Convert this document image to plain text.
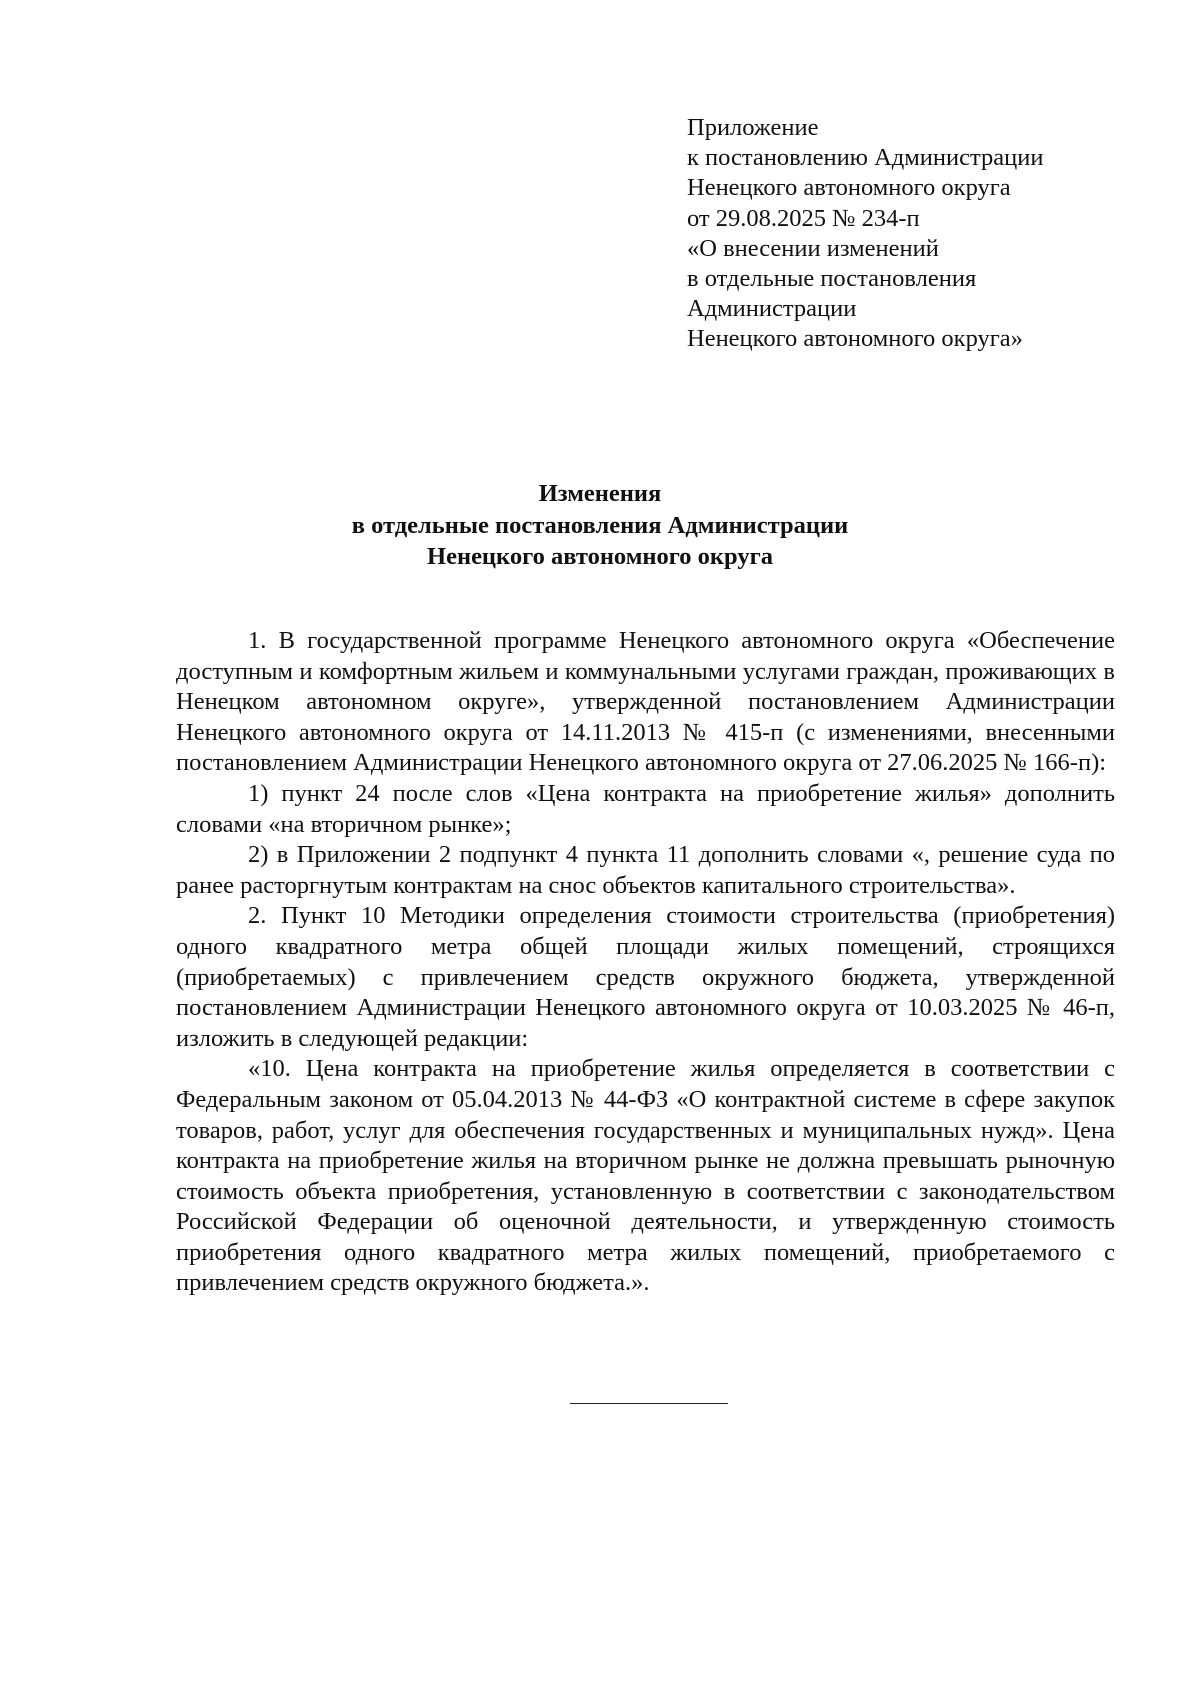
Приложение
к постановлению Администрации
Ненецкого автономного округа
от 29.08.2025 № 234-п
«О внесении изменений
в отдельные постановления
Администрации
Ненецкого автономного округа»
Изменения
в отдельные постановления Администрации
Ненецкого автономного округа

1. В государственной программе Ненецкого автономного округа «Обеспечение доступным и комфортным жильем и коммунальными услугами граждан, проживающих в Ненецком автономном округе», утвержденной постановлением Администрации Ненецкого автономного округа от 14.11.2013 № 415-п (с изменениями, внесенными постановлением Администрации Ненецкого автономного округа от 27.06.2025 № 166-п):

1) пункт 24 после слов «Цена контракта на приобретение жилья» дополнить словами «на вторичном рынке»;

2) в Приложении 2 подпункт 4 пункта 11 дополнить словами «, решение суда по ранее расторгнутым контрактам на снос объектов капитального строительства».

2. Пункт 10 Методики определения стоимости строительства (приобретения) одного квадратного метра общей площади жилых помещений, строящихся (приобретаемых) с привлечением средств окружного бюджета, утвержденной постановлением Администрации Ненецкого автономного округа от 10.03.2025 № 46-п, изложить в следующей редакции:

«10. Цена контракта на приобретение жилья определяется в соответствии с Федеральным законом от 05.04.2013 № 44-ФЗ «О контрактной системе в сфере закупок товаров, работ, услуг для обеспечения государственных и муниципальных нужд». Цена контракта на приобретение жилья на вторичном рынке не должна превышать рыночную стоимость объекта приобретения, установленную в соответствии с законодательством Российской Федерации об оценочной деятельности, и утвержденную стоимость приобретения одного квадратного метра жилых помещений, приобретаемого с привлечением средств окружного бюджета.».
